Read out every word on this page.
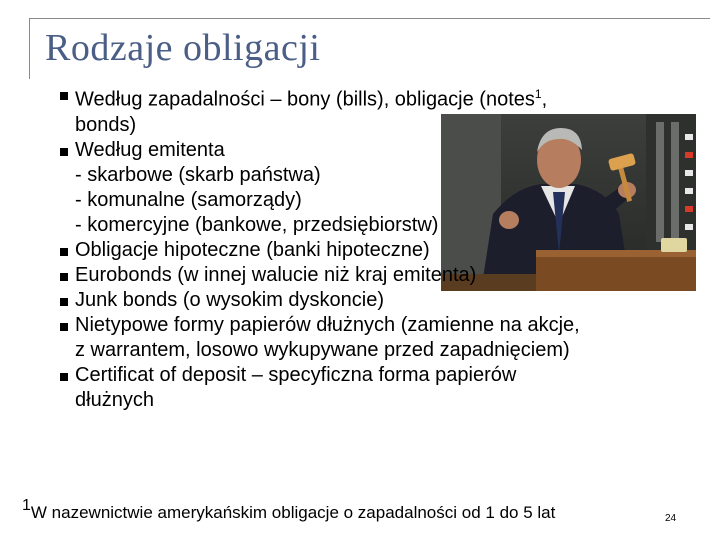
Rodzaje obligacji
Według zapadalności – bony (bills), obligacje (notes$^1$,
bonds)
Według emitenta
- skarbowe (skarb państwa)
- komunalne (samorządy)
- komercyjne (bankowe, przedsiębiorstw)
Obligacje hipoteczne (banki hipoteczne)
Eurobonds (w innej walucie niż kraj emitenta)
Junk bonds (o wysokim dyskoncie)
Nietypowe formy papierów dłużnych (zamienne na akcje,
z warrantem, losowo wykupywane przed zapadnięciem)
Certificat of deposit – specyficzna forma papierów
dłużnych
$^1$W nazewnictwie amerykańskim obligacje o zapadalności od 1 do 5 lat	24
